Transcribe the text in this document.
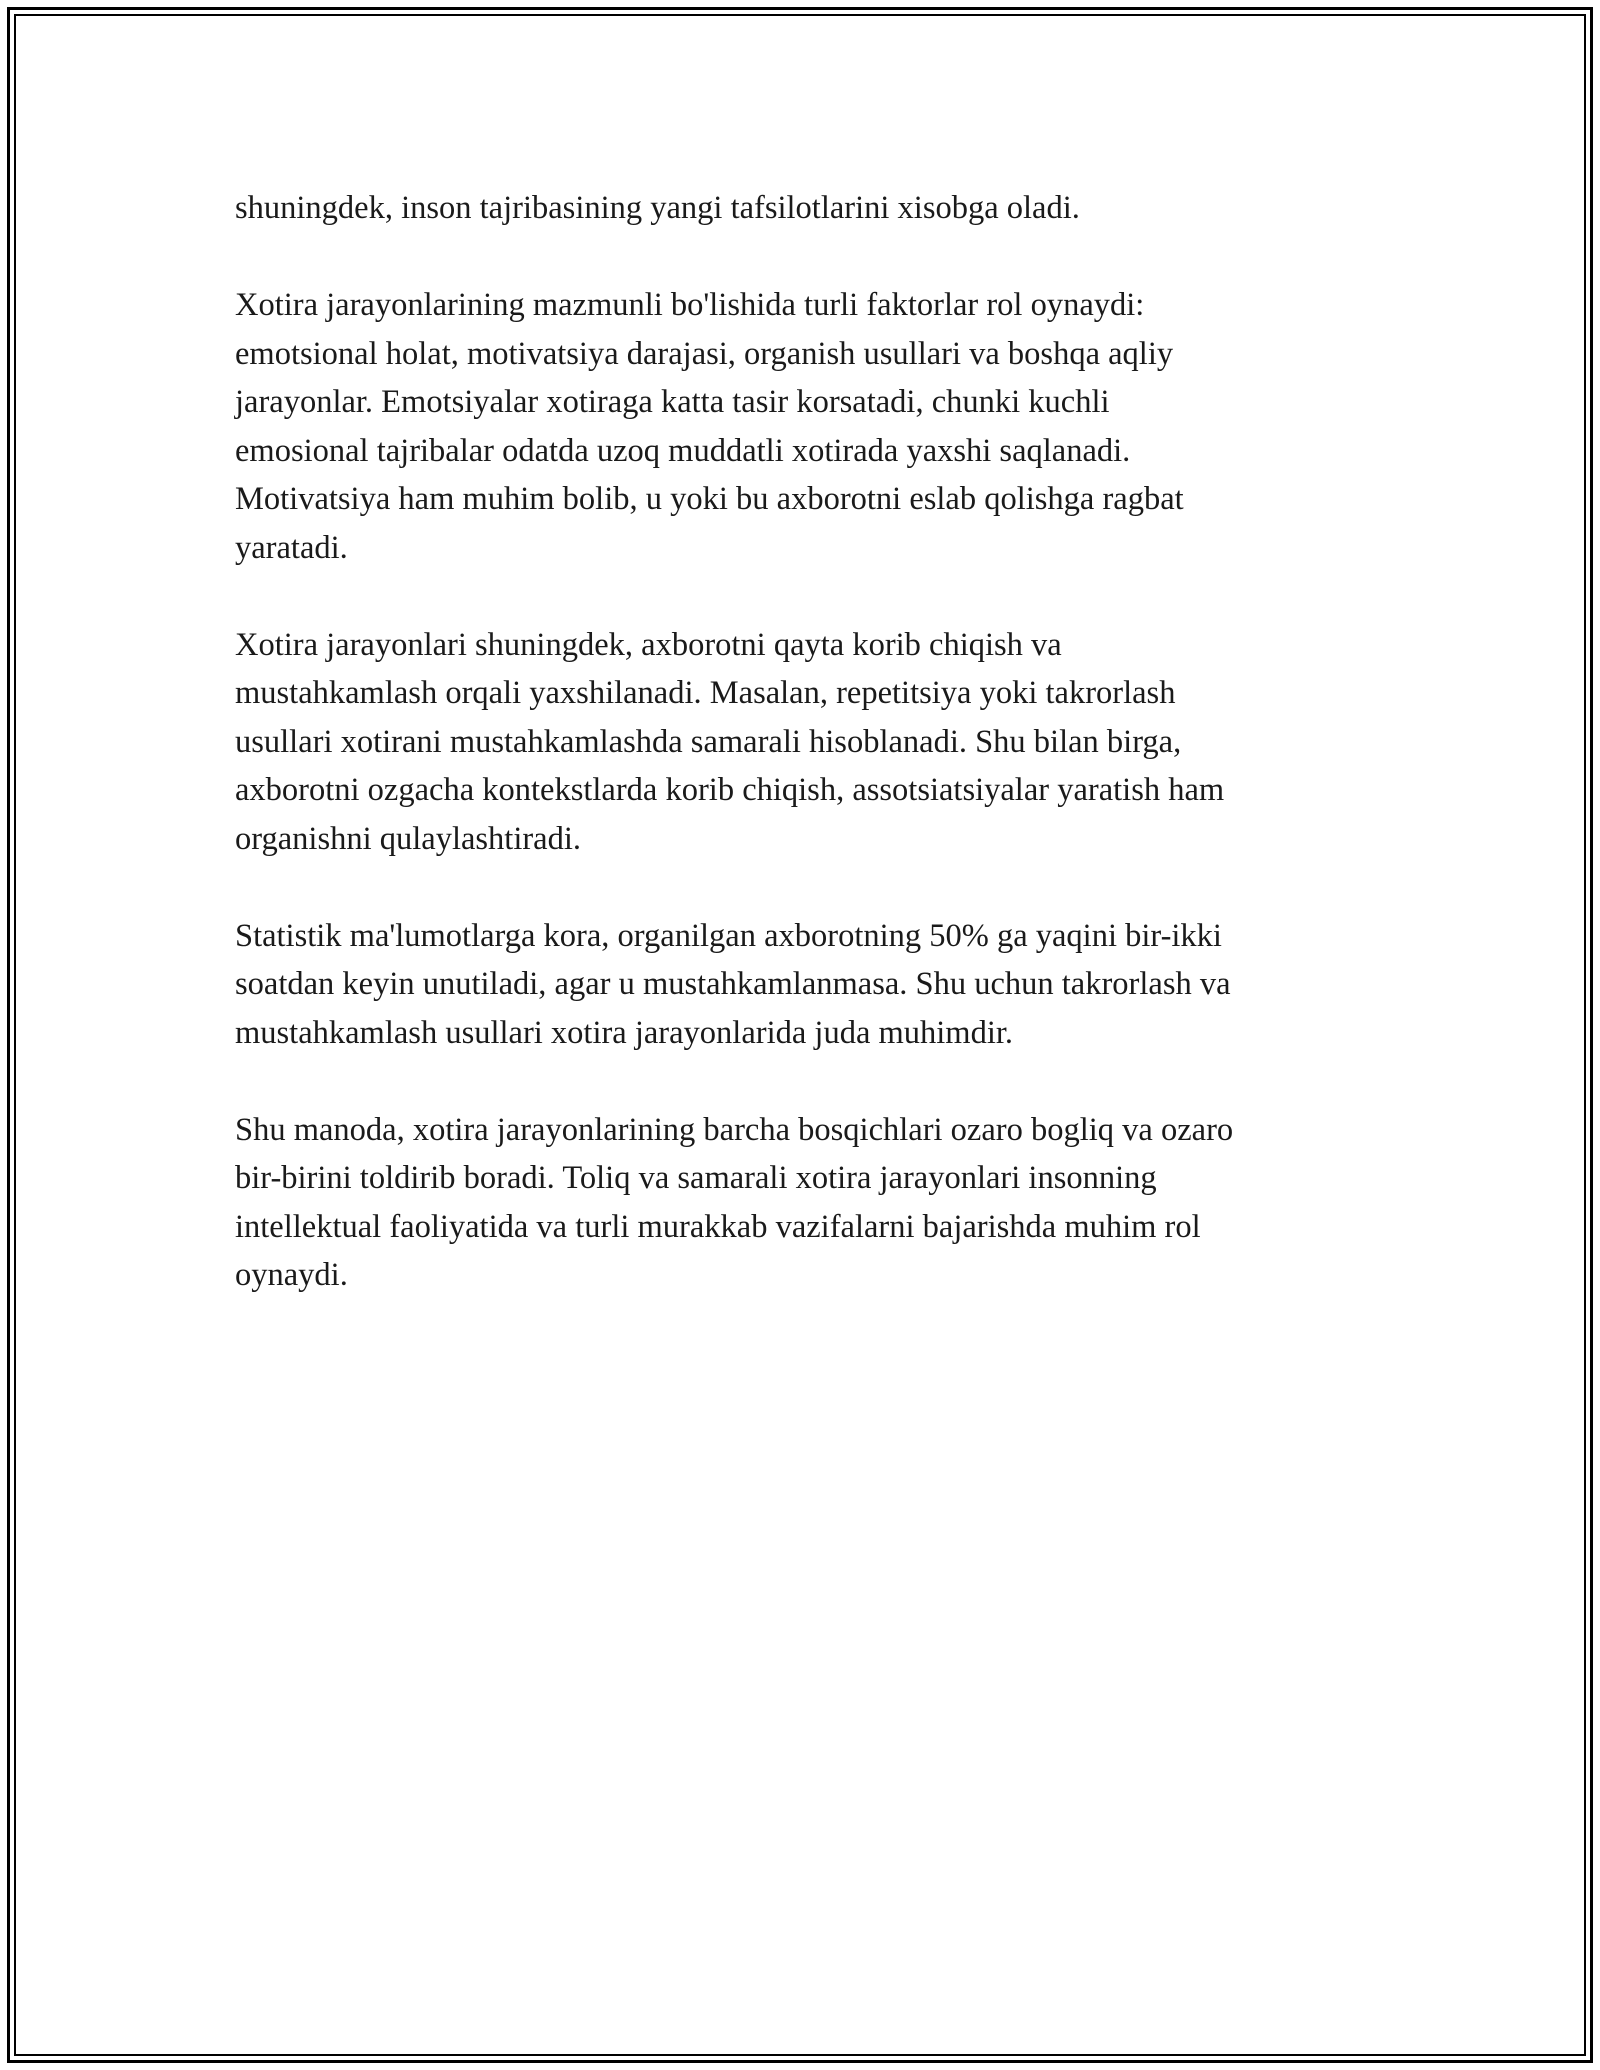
shuningdek, inson tajribasining yangi tafsilotlarini xisobga oladi.

Xotira jarayonlarining mazmunli bo'lishida turli faktorlar rol oynaydi:
emotsional holat, motivatsiya darajasi, organish usullari va boshqa aqliy
jarayonlar. Emotsiyalar xotiraga katta tasir korsatadi, chunki kuchli
emosional tajribalar odatda uzoq muddatli xotirada yaxshi saqlanadi.
Motivatsiya ham muhim bolib, u yoki bu axborotni eslab qolishga ragbat
yaratadi.

Xotira jarayonlari shuningdek, axborotni qayta korib chiqish va
mustahkamlash orqali yaxshilanadi. Masalan, repetitsiya yoki takrorlash
usullari xotirani mustahkamlashda samarali hisoblanadi. Shu bilan birga,
axborotni ozgacha kontekstlarda korib chiqish, assotsiatsiyalar yaratish ham
organishni qulaylashtiradi.

Statistik ma'lumotlarga kora, organilgan axborotning 50% ga yaqini bir-ikki
soatdan keyin unutiladi, agar u mustahkamlanmasa. Shu uchun takrorlash va
mustahkamlash usullari xotira jarayonlarida juda muhimdir.

Shu manoda, xotira jarayonlarining barcha bosqichlari ozaro bogliq va ozaro
bir-birini toldirib boradi. Toliq va samarali xotira jarayonlari insonning
intellektual faoliyatida va turli murakkab vazifalarni bajarishda muhim rol
oynaydi.
